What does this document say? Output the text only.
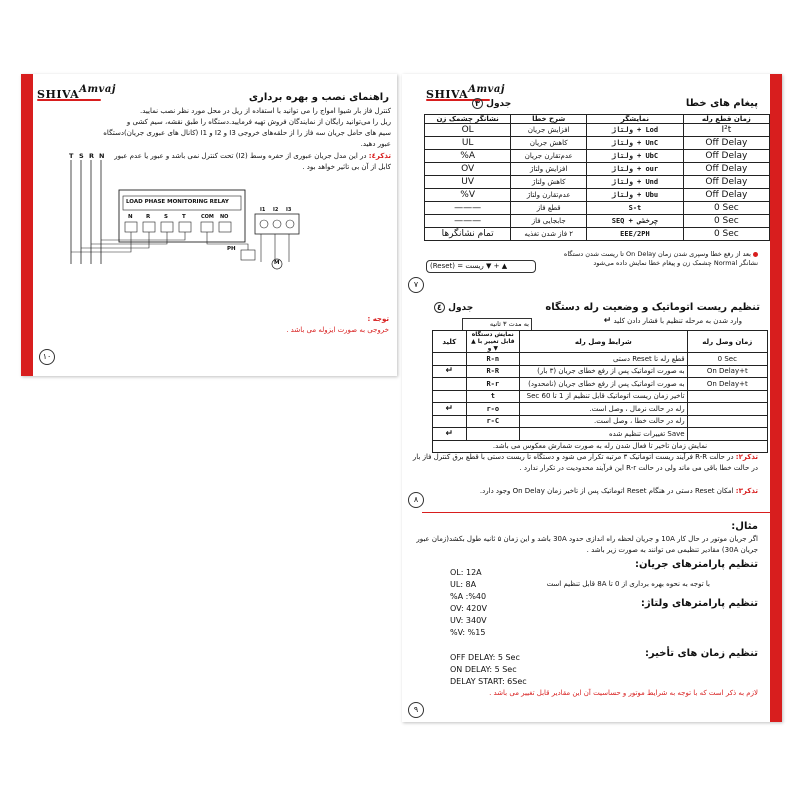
SHIVAAmvaj
راهنمای نصب و بهره برداری
کنترل فاز بار شیوا امواج را می توانید با استفاده از ریل در محل مورد نظر نصب نمایید.
ریل را می‌توانید رایگان از نمایندگان فروش تهیه فرمایید.دستگاه را طبق نقشه، سیم کشی و
سیم های حامل جریان سه فاز را از حلقه‌های خروجی I3 و I2 و I1 (کانال های عبوری جریان)دستگاه
عبور دهید.
تذکر٤: در این مدل جریان عبوری از حفره وسط (I2) تحت کنترل نمی باشد و عبور یا عدم عبور
کابل از آن بی تاثیر خواهد بود .
T S R N
LOAD PHASE MONITORING RELAY
N R	S	T	COM NO
I1 I2 I3
PH
M
توجه :
خروجی به صورت ایزوله می باشد .
١٠
SHIVAAmvaj
٣ جدول	پیغام های خطا
نشانگر چشمک زن	شرح خطا	نمایشگر	زمان قطع رله
OL	افزایش جریان	ولتاژ + Lod	I²t
UL	کاهش جریان	ولتاژ + UnC	Off Delay
%A	عدم‌تقارن جریان	ولتاژ + UbC	Off Delay
OV	افزایش ولتاژ	ولتاژ + our	Off Delay
UV	کاهش ولتاژ	ولتاژ + Und	Off Delay
%V	عدم‌تقارن ولتاژ	ولتاژ + Ubu	Off Delay
———	قطع فاز	S-t	0 Sec
———	جابجایی فاز	SEQ + چرخشی	0 Sec
تمام نشانگرها	٢ فاز شدن تغذیه	EEE/2PH	0 Sec
بعد از رفع خطا وسپری شدن زمان On Delay تا ریست شدن دستگاه نشانگر Normal چشمک زن و پیغام خطا نمایش داده می‌شود
(Reset) = ریست ▼ + ▲
٧
تنظیم ریست اتوماتیک و وضعیت رله دستگاه
٤ جدول
وارد شدن به مرحله تنظیم با فشار دادن کلید ↵
به مدت ٣ ثانیه
کلید	نمایش دستگاه قابل تغییر با ▲ و ▼	شرایط وصل رله	زمان وصل رله
	R-n	قطع رله تا Reset دستی	0 Sec
↵	R-R	به صورت اتوماتیک پس از رفع خطای جریان (٣ بار)	On Delay+t
	R-r	به صورت اتوماتیک پس از رفع خطای جریان (نامحدود)	On Delay+t
	t	تاخیر زمان ریست اتوماتیک قابل تنظیم از 1 تا 60 Sec	
↵	r-o	رله در حالت نرمال ، وصل است.	
	r-C	رله در حالت خطا ، وصل است.	
↵		Save تغییرات تنظیم شده	
نمایش زمان تاخیر تا فعال شدن رله به صورت شمارش معکوس می باشد.			
تذکر٢: در حالت R-R فرآیند ریست اتوماتیک ٣ مرتبه تکرار می شود و دستگاه تا ریست دستی با قطع برق کنترل فاز بار در حالت خطا باقی می ماند ولی در حالت R-r این فرآیند محدودیت در تکرار ندارد .
تذکر٣: امکان Reset دستی در هنگام Reset اتوماتیک پس از تاخیر زمان On Delay وجود دارد.
٨
مثال:
اگر جریان موتور در حال کار 10A و جریان لحظه راه اندازی حدود 30A باشد و این زمان ۵ ثانیه طول بکشد(زمان عبور جریان 30A) مقادیر تنظیمی می توانند به صورت زیر باشد .
تنظیم پارامترهای جریان:
OL: 12A
UL: 8A
%A :%40
با توجه به نحوه بهره برداری از 0 تا 8A قابل تنظیم است
تنظیم پارامترهای ولتاژ:
OV: 420V
UV: 340V
%V: %15
تنظیم زمان های تأخیر:
OFF DELAY: 5 Sec
ON DELAY: 5 Sec
DELAY START: 6Sec
لازم به ذکر است که با توجه به شرایط موتور و حساسیت آن این مقادیر قابل تغییر می باشد .
٩
